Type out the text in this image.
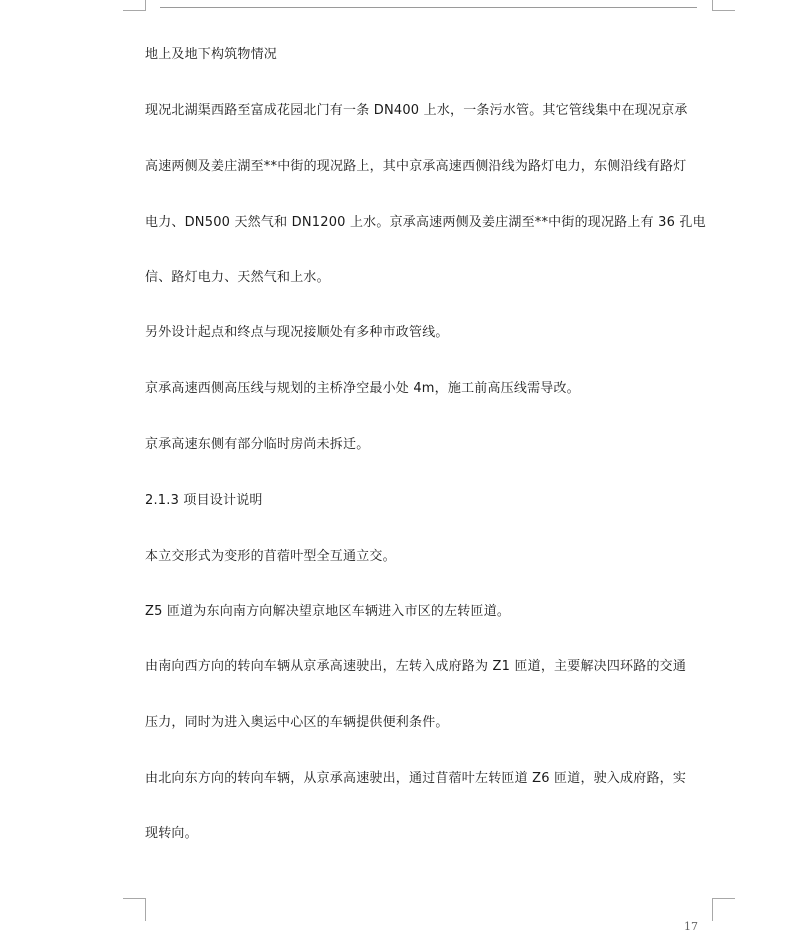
地上及地下构筑物情况
现况北湖渠西路至富成花园北门有一条 DN400 上水，一条污水管。其它管线集中在现况京承
高速两侧及姜庄湖至**中街的现况路上，其中京承高速西侧沿线为路灯电力，东侧沿线有路灯
电力、DN500 天然气和 DN1200 上水。京承高速两侧及姜庄湖至**中街的现况路上有 36 孔电
信、路灯电力、天然气和上水。
另外设计起点和终点与现况接顺处有多种市政管线。
京承高速西侧高压线与规划的主桥净空最小处 4m，施工前高压线需导改。
京承高速东侧有部分临时房尚未拆迁。
2.1.3 项目设计说明
本立交形式为变形的苜蓿叶型全互通立交。
Z5 匝道为东向南方向解决望京地区车辆进入市区的左转匝道。
由南向西方向的转向车辆从京承高速驶出，左转入成府路为 Z1 匝道，主要解决四环路的交通
压力，同时为进入奥运中心区的车辆提供便利条件。
由北向东方向的转向车辆，从京承高速驶出，通过苜蓿叶左转匝道 Z6 匝道，驶入成府路，实
现转向。
17
